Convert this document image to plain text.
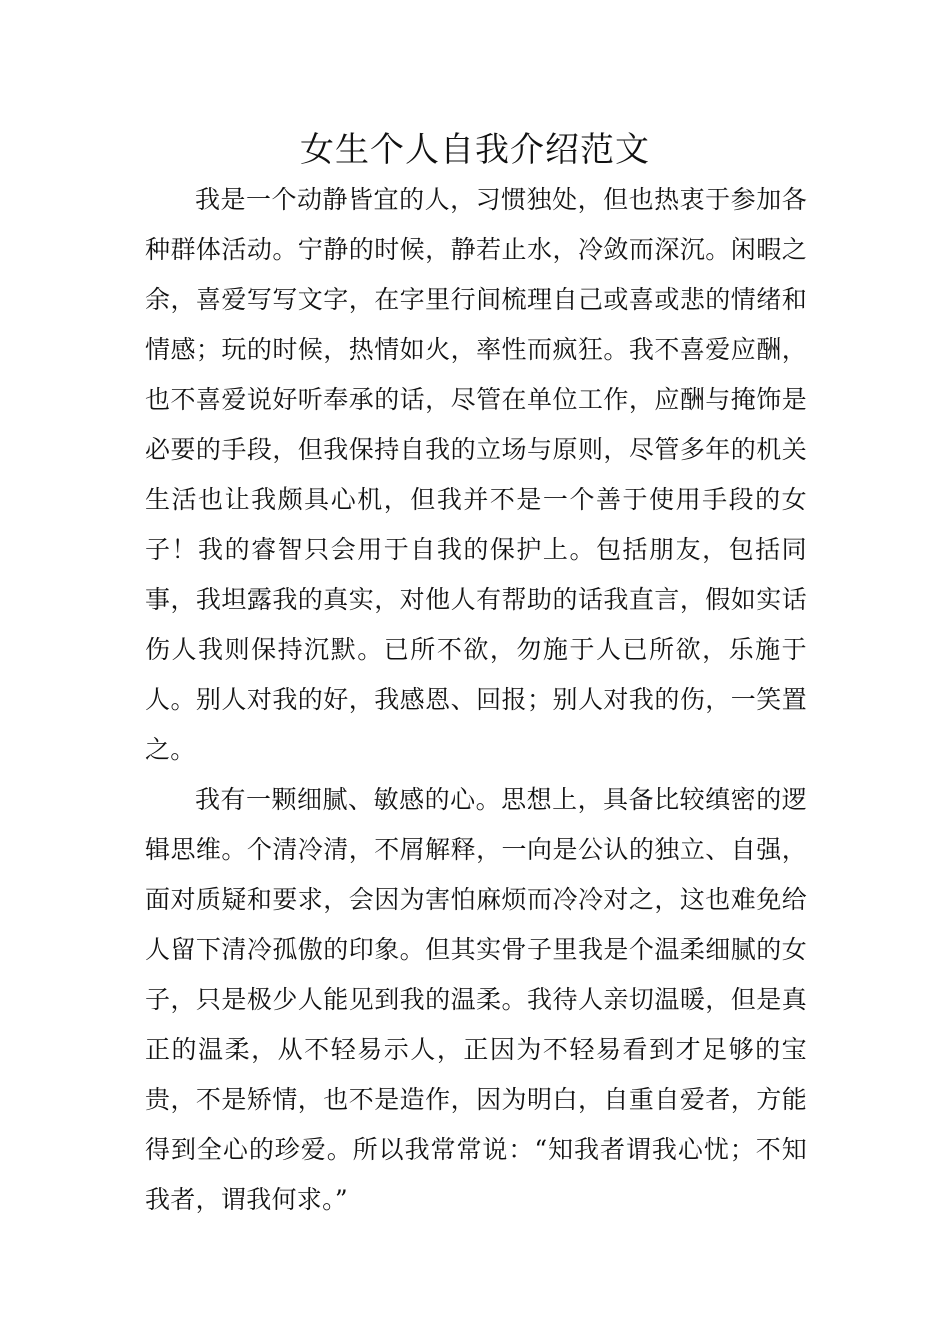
女生个人自我介绍范文

我是一个动静皆宜的人，习惯独处，但也热衷于参加各种群体活动。宁静的时候，静若止水，冷敛而深沉。闲暇之余，喜爱写写文字，在字里行间梳理自己或喜或悲的情绪和情感；玩的时候，热情如火，率性而疯狂。我不喜爱应酬，也不喜爱说好听奉承的话，尽管在单位工作，应酬与掩饰是必要的手段，但我保持自我的立场与原则，尽管多年的机关生活也让我颇具心机，但我并不是一个善于使用手段的女子！我的睿智只会用于自我的保护上。包括朋友，包括同事，我坦露我的真实，对他人有帮助的话我直言，假如实话伤人我则保持沉默。已所不欲，勿施于人已所欲，乐施于人。别人对我的好，我感恩、回报；别人对我的伤，一笑置之。

我有一颗细腻、敏感的心。思想上，具备比较缜密的逻辑思维。个清冷清，不屑解释，一向是公认的独立、自强，面对质疑和要求，会因为害怕麻烦而冷冷对之，这也难免给人留下清冷孤傲的印象。但其实骨子里我是个温柔细腻的女子，只是极少人能见到我的温柔。我待人亲切温暖，但是真正的温柔，从不轻易示人，正因为不轻易看到才足够的宝贵，不是矫情，也不是造作，因为明白，自重自爱者，方能得到全心的珍爱。所以我常常说：“知我者谓我心忧；不知我者，谓我何求。”
